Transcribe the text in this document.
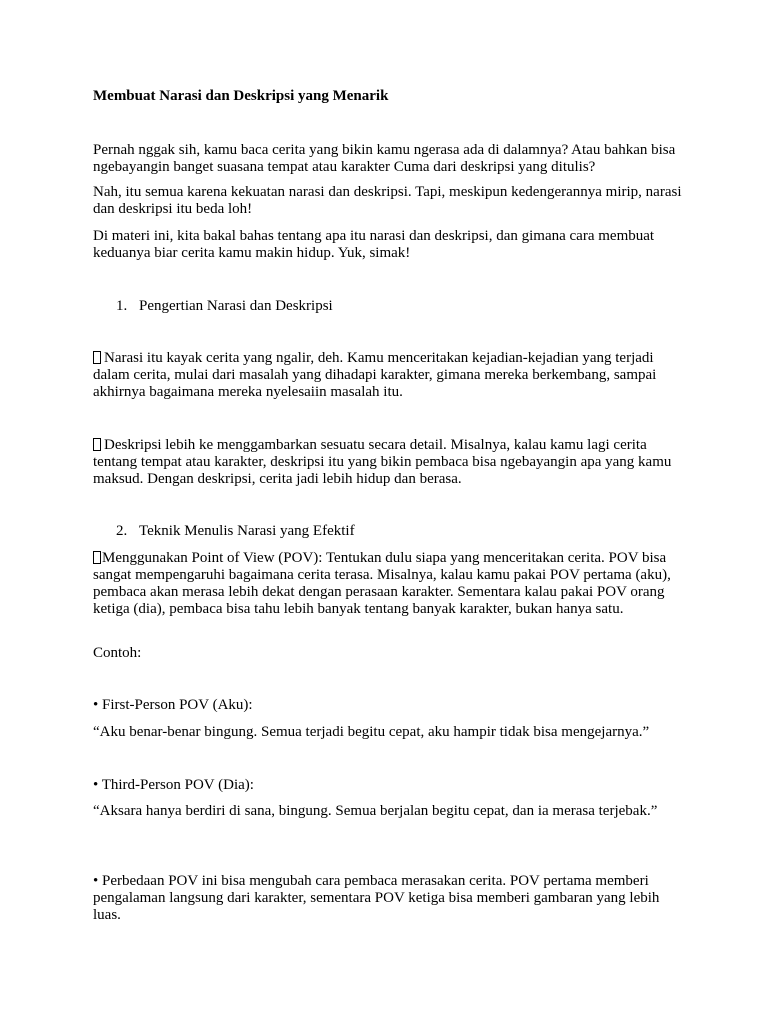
Membuat Narasi dan Deskripsi yang Menarik

Pernah nggak sih, kamu baca cerita yang bikin kamu ngerasa ada di dalamnya? Atau bahkan bisa ngebayangin banget suasana tempat atau karakter Cuma dari deskripsi yang ditulis?

Nah, itu semua karena kekuatan narasi dan deskripsi. Tapi, meskipun kedengerannya mirip, narasi dan deskripsi itu beda loh!

Di materi ini, kita bakal bahas tentang apa itu narasi dan deskripsi, dan gimana cara membuat keduanya biar cerita kamu makin hidup. Yuk, simak!

1. Pengertian Narasi dan Deskripsi

Narasi itu kayak cerita yang ngalir, deh. Kamu menceritakan kejadian-kejadian yang terjadi dalam cerita, mulai dari masalah yang dihadapi karakter, gimana mereka berkembang, sampai akhirnya bagaimana mereka nyelesaiin masalah itu.

Deskripsi lebih ke menggambarkan sesuatu secara detail. Misalnya, kalau kamu lagi cerita tentang tempat atau karakter, deskripsi itu yang bikin pembaca bisa ngebayangin apa yang kamu maksud. Dengan deskripsi, cerita jadi lebih hidup dan berasa.

2. Teknik Menulis Narasi yang Efektif

Menggunakan Point of View (POV): Tentukan dulu siapa yang menceritakan cerita. POV bisa sangat mempengaruhi bagaimana cerita terasa. Misalnya, kalau kamu pakai POV pertama (aku), pembaca akan merasa lebih dekat dengan perasaan karakter. Sementara kalau pakai POV orang ketiga (dia), pembaca bisa tahu lebih banyak tentang banyak karakter, bukan hanya satu.

Contoh:

• First-Person POV (Aku):

“Aku benar-benar bingung. Semua terjadi begitu cepat, aku hampir tidak bisa mengejarnya.”

• Third-Person POV (Dia):

“Aksara hanya berdiri di sana, bingung. Semua berjalan begitu cepat, dan ia merasa terjebak.”

• Perbedaan POV ini bisa mengubah cara pembaca merasakan cerita. POV pertama memberi pengalaman langsung dari karakter, sementara POV ketiga bisa memberi gambaran yang lebih luas.
